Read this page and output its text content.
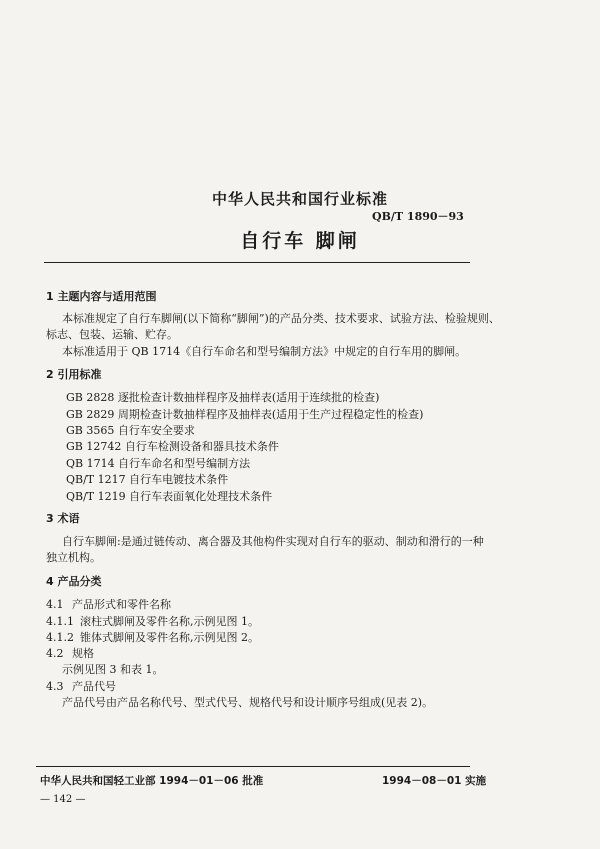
中华人民共和国行业标准
QB/T 1890－93
自行车 脚闸
1 主题内容与适用范围
本标准规定了自行车脚闸(以下简称“脚闸”)的产品分类、技术要求、试验方法、检验规则、
标志、包装、运输、贮存。
本标准适用于 QB 1714《自行车命名和型号编制方法》中规定的自行车用的脚闸。
2 引用标准
GB 2828 逐批检查计数抽样程序及抽样表(适用于连续批的检查)
GB 2829 周期检查计数抽样程序及抽样表(适用于生产过程稳定性的检查)
GB 3565 自行车安全要求
GB 12742 自行车检测设备和器具技术条件
QB 1714 自行车命名和型号编制方法
QB/T 1217 自行车电镀技术条件
QB/T 1219 自行车表面氧化处理技术条件
3 术语
自行车脚闸:是通过链传动、离合器及其他构件实现对自行车的驱动、制动和滑行的一种
独立机构。
4 产品分类
4.1 产品形式和零件名称
4.1.1 滚柱式脚闸及零件名称,示例见图 1。
4.1.2 锥体式脚闸及零件名称,示例见图 2。
4.2 规格
示例见图 3 和表 1。
4.3 产品代号
产品代号由产品名称代号、型式代号、规格代号和设计顺序号组成(见表 2)。
中华人民共和国轻工业部 1994－01－06 批准	1994－08－01 实施
— 142 —
